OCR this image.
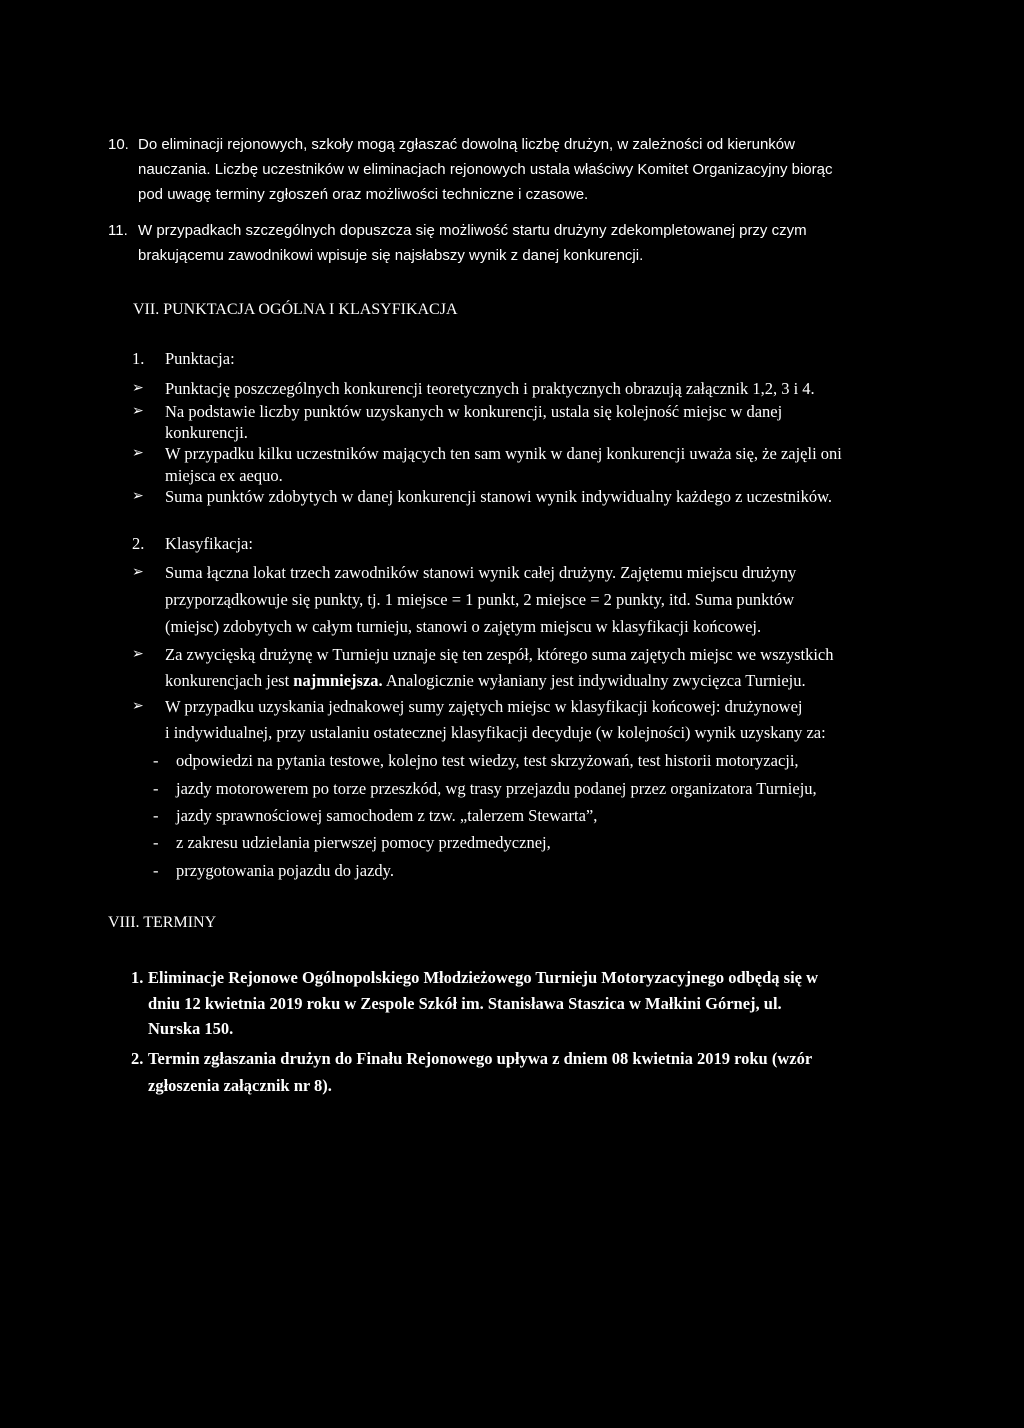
10. Do eliminacji rejonowych, szkoły mogą zgłaszać dowolną liczbę drużyn, w zależności od kierunków
nauczania. Liczbę uczestników w eliminacjach rejonowych ustala właściwy Komitet Organizacyjny biorąc
pod uwagę terminy zgłoszeń oraz możliwości techniczne i czasowe.
11. W przypadkach szczególnych dopuszcza się możliwość startu drużyny zdekompletowanej przy czym
brakującemu zawodnikowi wpisuje się najsłabszy wynik z danej konkurencji.
VII. PUNKTACJA OGÓLNA I KLASYFIKACJA
1. Punktacja:
➢ Punktację poszczególnych konkurencji teoretycznych i praktycznych obrazują załącznik 1,2, 3 i 4.
➢ Na podstawie liczby punktów uzyskanych w konkurencji, ustala się kolejność miejsc w danej
konkurencji.
➢ W przypadku kilku uczestników mających ten sam wynik w danej konkurencji uważa się, że zajęli oni
miejsca ex aequo.
➢ Suma punktów zdobytych w danej konkurencji stanowi wynik indywidualny każdego z uczestników.
2. Klasyfikacja:
➢ Suma łączna lokat trzech zawodników stanowi wynik całej drużyny. Zajętemu miejscu drużyny
przyporządkowuje się punkty, tj. 1 miejsce = 1 punkt, 2 miejsce = 2 punkty, itd. Suma punktów
(miejsc) zdobytych w całym turnieju, stanowi o zajętym miejscu w klasyfikacji końcowej.
➢ Za zwycięską drużynę w Turnieju uznaje się ten zespół, którego suma zajętych miejsc we wszystkich
konkurencjach jest najmniejsza. Analogicznie wyłaniany jest indywidualny zwycięzca Turnieju.
➢ W przypadku uzyskania jednakowej sumy zajętych miejsc w klasyfikacji końcowej: drużynowej
i indywidualnej, przy ustalaniu ostatecznej klasyfikacji decyduje (w kolejności) wynik uzyskany za:
- odpowiedzi na pytania testowe, kolejno test wiedzy, test skrzyżowań, test historii motoryzacji,
- jazdy motorowerem po torze przeszkód, wg trasy przejazdu podanej przez organizatora Turnieju,
- jazdy sprawnościowej samochodem z tzw. „talerzem Stewarta”,
- z zakresu udzielania pierwszej pomocy przedmedycznej,
- przygotowania pojazdu do jazdy.
VIII. TERMINY
1. Eliminacje Rejonowe Ogólnopolskiego Młodzieżowego Turnieju Motoryzacyjnego odbędą się w
dniu 12 kwietnia 2019 roku w Zespole Szkół im. Stanisława Staszica w Małkini Górnej, ul.
Nurska 150.
2. Termin zgłaszania drużyn do Finału Rejonowego upływa z dniem 08 kwietnia 2019 roku (wzór
zgłoszenia załącznik nr 8).
